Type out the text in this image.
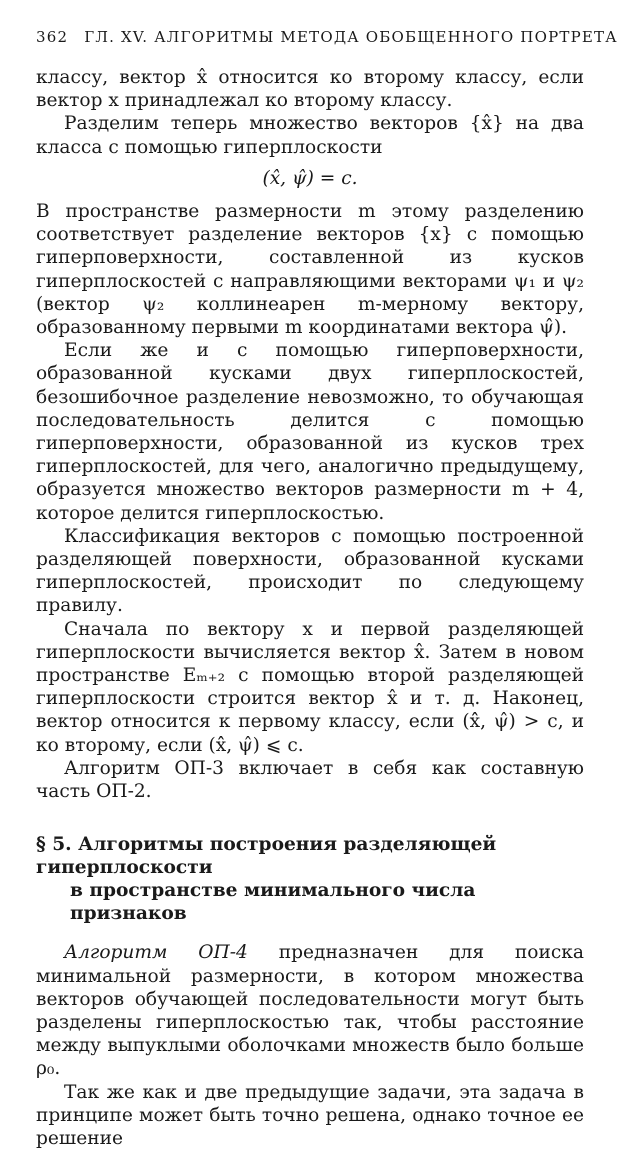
362 ГЛ. XV. АЛГОРИТМЫ МЕТОДА ОБОБЩЕННОГО ПОРТРЕТА

классу, вектор x̂ относится ко второму классу, если вектор x принадлежал ко второму классу.

Разделим теперь множество векторов {x̂} на два класса с помощью гиперплоскости

(x̂, ψ̂) = c.

В пространстве размерности m этому разделению соответствует разделение векторов {x} с помощью гиперповерхности, составленной из кусков гиперплоскостей с направляющими векторами ψ₁ и ψ₂ (вектор ψ₂ коллинеарен m-мерному вектору, образованному первыми m координатами вектора ψ̂).

Если же и с помощью гиперповерхности, образованной кусками двух гиперплоскостей, безошибочное разделение невозможно, то обучающая последовательность делится с помощью гиперповерхности, образованной из кусков трех гиперплоскостей, для чего, аналогично предыдущему, образуется множество векторов размерности m + 4, которое делится гиперплоскостью.

Классификация векторов с помощью построенной разделяющей поверхности, образованной кусками гиперплоскостей, происходит по следующему правилу.

Сначала по вектору x и первой разделяющей гиперплоскости вычисляется вектор x̂. Затем в новом пространстве Eₘ₊₂ с помощью второй разделяющей гиперплоскости строится вектор x̂ и т. д. Наконец, вектор относится к первому классу, если (x̂̂, ψ̂) > c, и ко второму, если (x̂̂, ψ̂) ⩽ c.

Алгоритм ОП-3 включает в себя как составную часть ОП-2.

§ 5. Алгоритмы построения разделяющей гиперплоскости
в пространстве минимального числа признаков

Алгоритм ОП-4 предназначен для поиска минимальной размерности, в котором множества векторов обучающей последовательности могут быть разделены гиперплоскостью так, чтобы расстояние между выпуклыми оболочками множеств было больше ρ₀.

Так же как и две предыдущие задачи, эта задача в принципе может быть точно решена, однако точное ее решение
